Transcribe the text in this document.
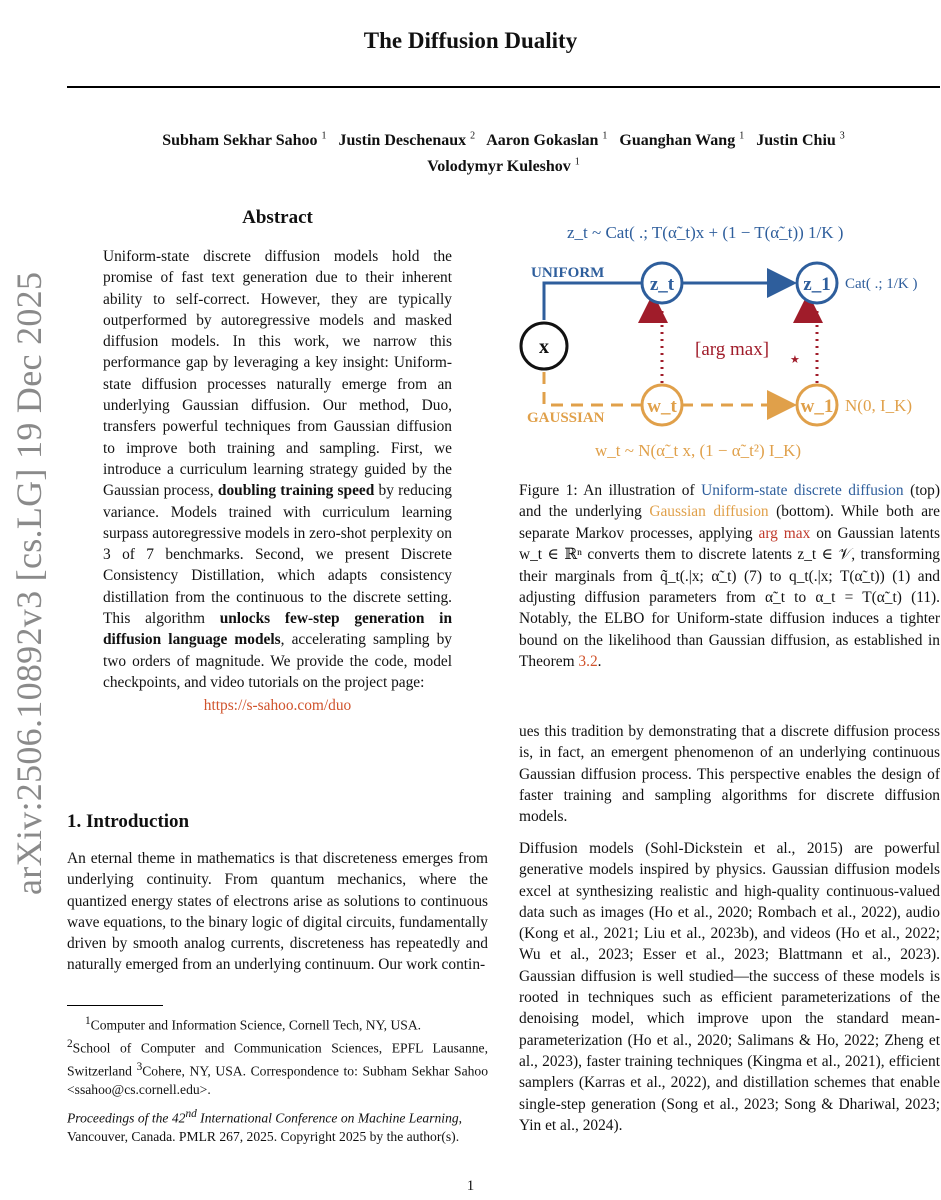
The Diffusion Duality
Subham Sekhar Sahoo $^1$ Justin Deschenaux $^2$ Aaron Gokaslan $^1$ Guanghan Wang $^1$ Justin Chiu $^3$
Volodymyr Kuleshov $^1$
arXiv:2506.10892v3 [cs.LG] 19 Dec 2025
Abstract
Uniform-state discrete diffusion models hold the promise of fast text generation due to their inherent ability to self-correct. However, they are typically outperformed by autoregressive models and masked diffusion models. In this work, we narrow this performance gap by leveraging a key insight: Uniform-state diffusion processes naturally emerge from an underlying Gaussian diffusion. Our method, Duo, transfers powerful techniques from Gaussian diffusion to improve both training and sampling. First, we introduce a curriculum learning strategy guided by the Gaussian process, doubling training speed by reducing variance. Models trained with curriculum learning surpass autoregressive models in zero-shot perplexity on 3 of 7 benchmarks. Second, we present Discrete Consistency Distillation, which adapts consistency distillation from the continuous to the discrete setting. This algorithm unlocks few-step generation in diffusion language models, accelerating sampling by two orders of magnitude. We provide the code, model checkpoints, and video tutorials on the project page:
https://s-sahoo.com/duo
1. Introduction
An eternal theme in mathematics is that discreteness emerges from underlying continuity. From quantum mechanics, where the quantized energy states of electrons arise as solutions to continuous wave equations, to the binary logic of digital circuits, fundamentally driven by smooth analog currents, discreteness has repeatedly and naturally emerged from an underlying continuum. Our work contin-
$^1$Computer and Information Science, Cornell Tech, NY, USA.
$^2$School of Computer and Communication Sciences, EPFL Lausanne, Switzerland $^3$Cohere, NY, USA. Correspondence to: Subham Sekhar Sahoo <ssahoo@cs.cornell.edu>.
Proceedings of the 42nd International Conference on Machine Learning, Vancouver, Canada. PMLR 267, 2025. Copyright 2025 by the author(s).
z_t ~ Cat( .; T(α̃_t)x + (1 − T(α̃_t)) 1/K )
UNIFORM
GAUSSIAN
[arg max] ★
x
z_t	z_1 Cat( .; 1/K )
w_t	w_1 N(0, I_K)
w_t ~ N(α̃_t x, (1 − α̃_t²) I_K)
Figure 1: An illustration of Uniform-state discrete diffusion (top) and the underlying Gaussian diffusion (bottom). While both are separate Markov processes, applying arg max on Gaussian latents w_t ∈ ℝⁿ converts them to discrete latents z_t ∈ 𝒱, transforming their marginals from q̃_t(.|x; α̃_t) (7) to q_t(.|x; T(α̃_t)) (1) and adjusting diffusion parameters from α̃_t to α_t = T(α̃_t) (11). Notably, the ELBO for Uniform-state diffusion induces a tighter bound on the likelihood than Gaussian diffusion, as established in Theorem 3.2.
ues this tradition by demonstrating that a discrete diffusion process is, in fact, an emergent phenomenon of an underlying continuous Gaussian diffusion process. This perspective enables the design of faster training and sampling algorithms for discrete diffusion models.
Diffusion models (Sohl-Dickstein et al., 2015) are powerful generative models inspired by physics. Gaussian diffusion models excel at synthesizing realistic and high-quality continuous-valued data such as images (Ho et al., 2020; Rombach et al., 2022), audio (Kong et al., 2021; Liu et al., 2023b), and videos (Ho et al., 2022; Wu et al., 2023; Esser et al., 2023; Blattmann et al., 2023). Gaussian diffusion is well studied—the success of these models is rooted in techniques such as efficient parameterizations of the denoising model, which improve upon the standard mean-parameterization (Ho et al., 2020; Salimans & Ho, 2022; Zheng et al., 2023), faster training techniques (Kingma et al., 2021), efficient samplers (Karras et al., 2022), and distillation schemes that enable single-step generation (Song et al., 2023; Song & Dhariwal, 2023; Yin et al., 2024).
1
